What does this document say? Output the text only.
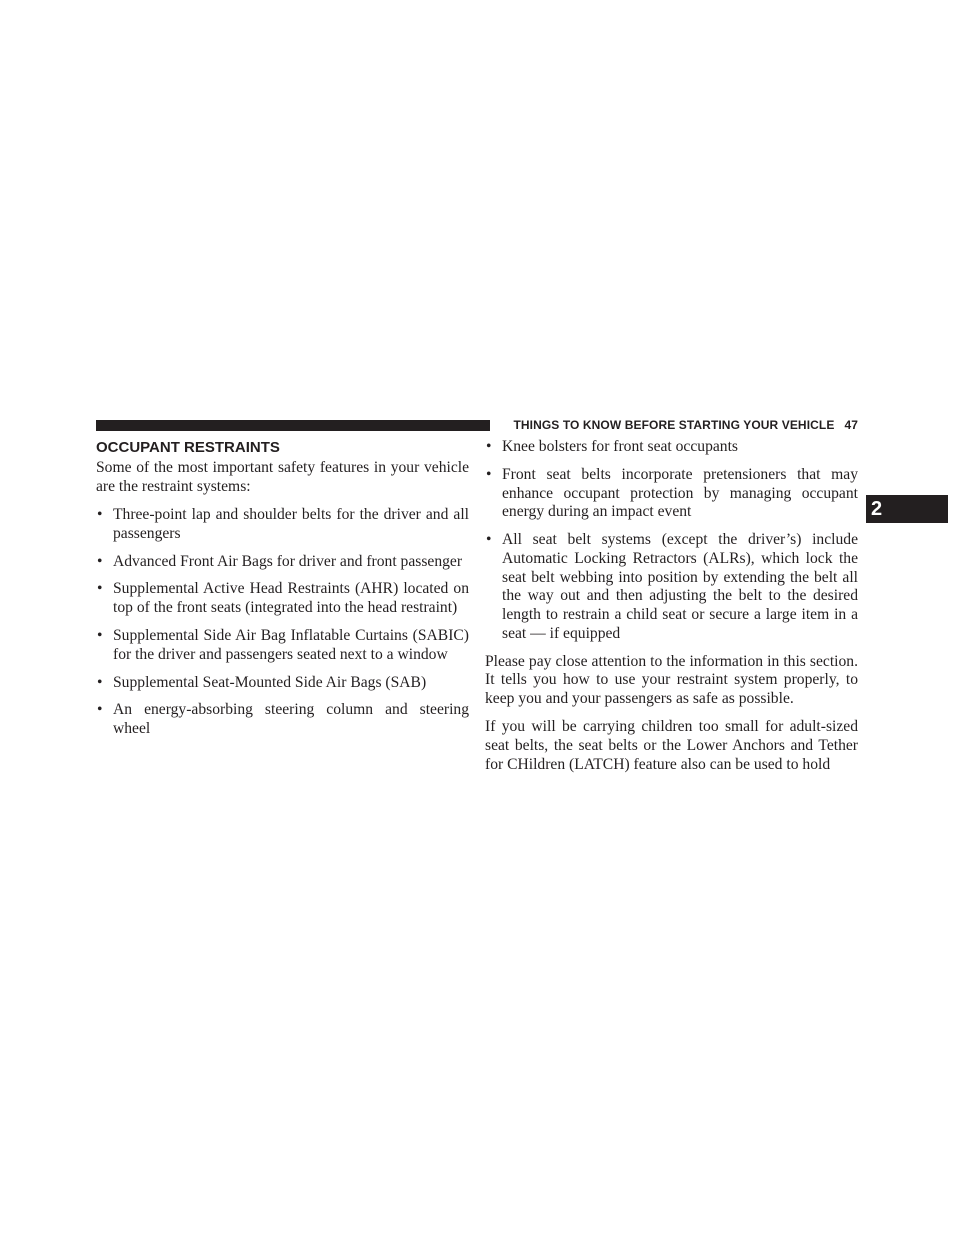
THINGS TO KNOW BEFORE STARTING YOUR VEHICLE 47
2
OCCUPANT RESTRAINTS

Some of the most important safety features in your vehicle are the restraint systems:

• Three-point lap and shoulder belts for the driver and all passengers
• Advanced Front Air Bags for driver and front passenger
• Supplemental Active Head Restraints (AHR) located on top of the front seats (integrated into the head restraint)
• Supplemental Side Air Bag Inflatable Curtains (SABIC) for the driver and passengers seated next to a window
• Supplemental Seat-Mounted Side Air Bags (SAB)
• An energy-absorbing steering column and steering wheel
• Knee bolsters for front seat occupants
• Front seat belts incorporate pretensioners that may enhance occupant protection by managing occupant energy during an impact event
• All seat belt systems (except the driver’s) include Automatic Locking Retractors (ALRs), which lock the seat belt webbing into position by extending the belt all the way out and then adjusting the belt to the desired length to restrain a child seat or secure a large item in a seat — if equipped

Please pay close attention to the information in this section. It tells you how to use your restraint system properly, to keep you and your passengers as safe as possible.

If you will be carrying children too small for adult-sized seat belts, the seat belts or the Lower Anchors and Tether for CHildren (LATCH) feature also can be used to hold
